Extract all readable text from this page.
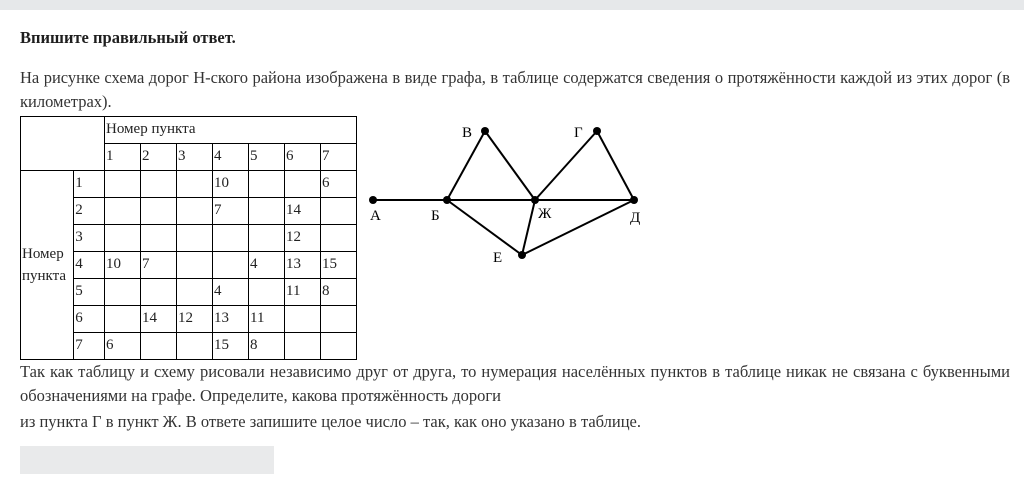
Впишите правильный ответ.
На рисунке схема дорог Н-ского района изображена в виде графа, в таблице содержатся сведения о протяжённости каждой из этих дорог (в километрах).
		Номер пункта						
		1	2	3	4	5	6	7

Номер
пункта	1				10			6
	2				7		14	
	3						12	
	4	10	7			4	13	15
	5				4		11	8
	6		14	12	13	11		
	7	6			15	8		
А	Б
В	Г
Ж	Д
Е
Так как таблицу и схему рисовали независимо друг от друга, то нумерация населённых пунктов в таблице никак не связана с буквенными обозначениями на графе. Определите, какова протяжённость дороги
из пункта Г в пункт Ж. В ответе запишите целое число – так, как оно указано в таблице.
